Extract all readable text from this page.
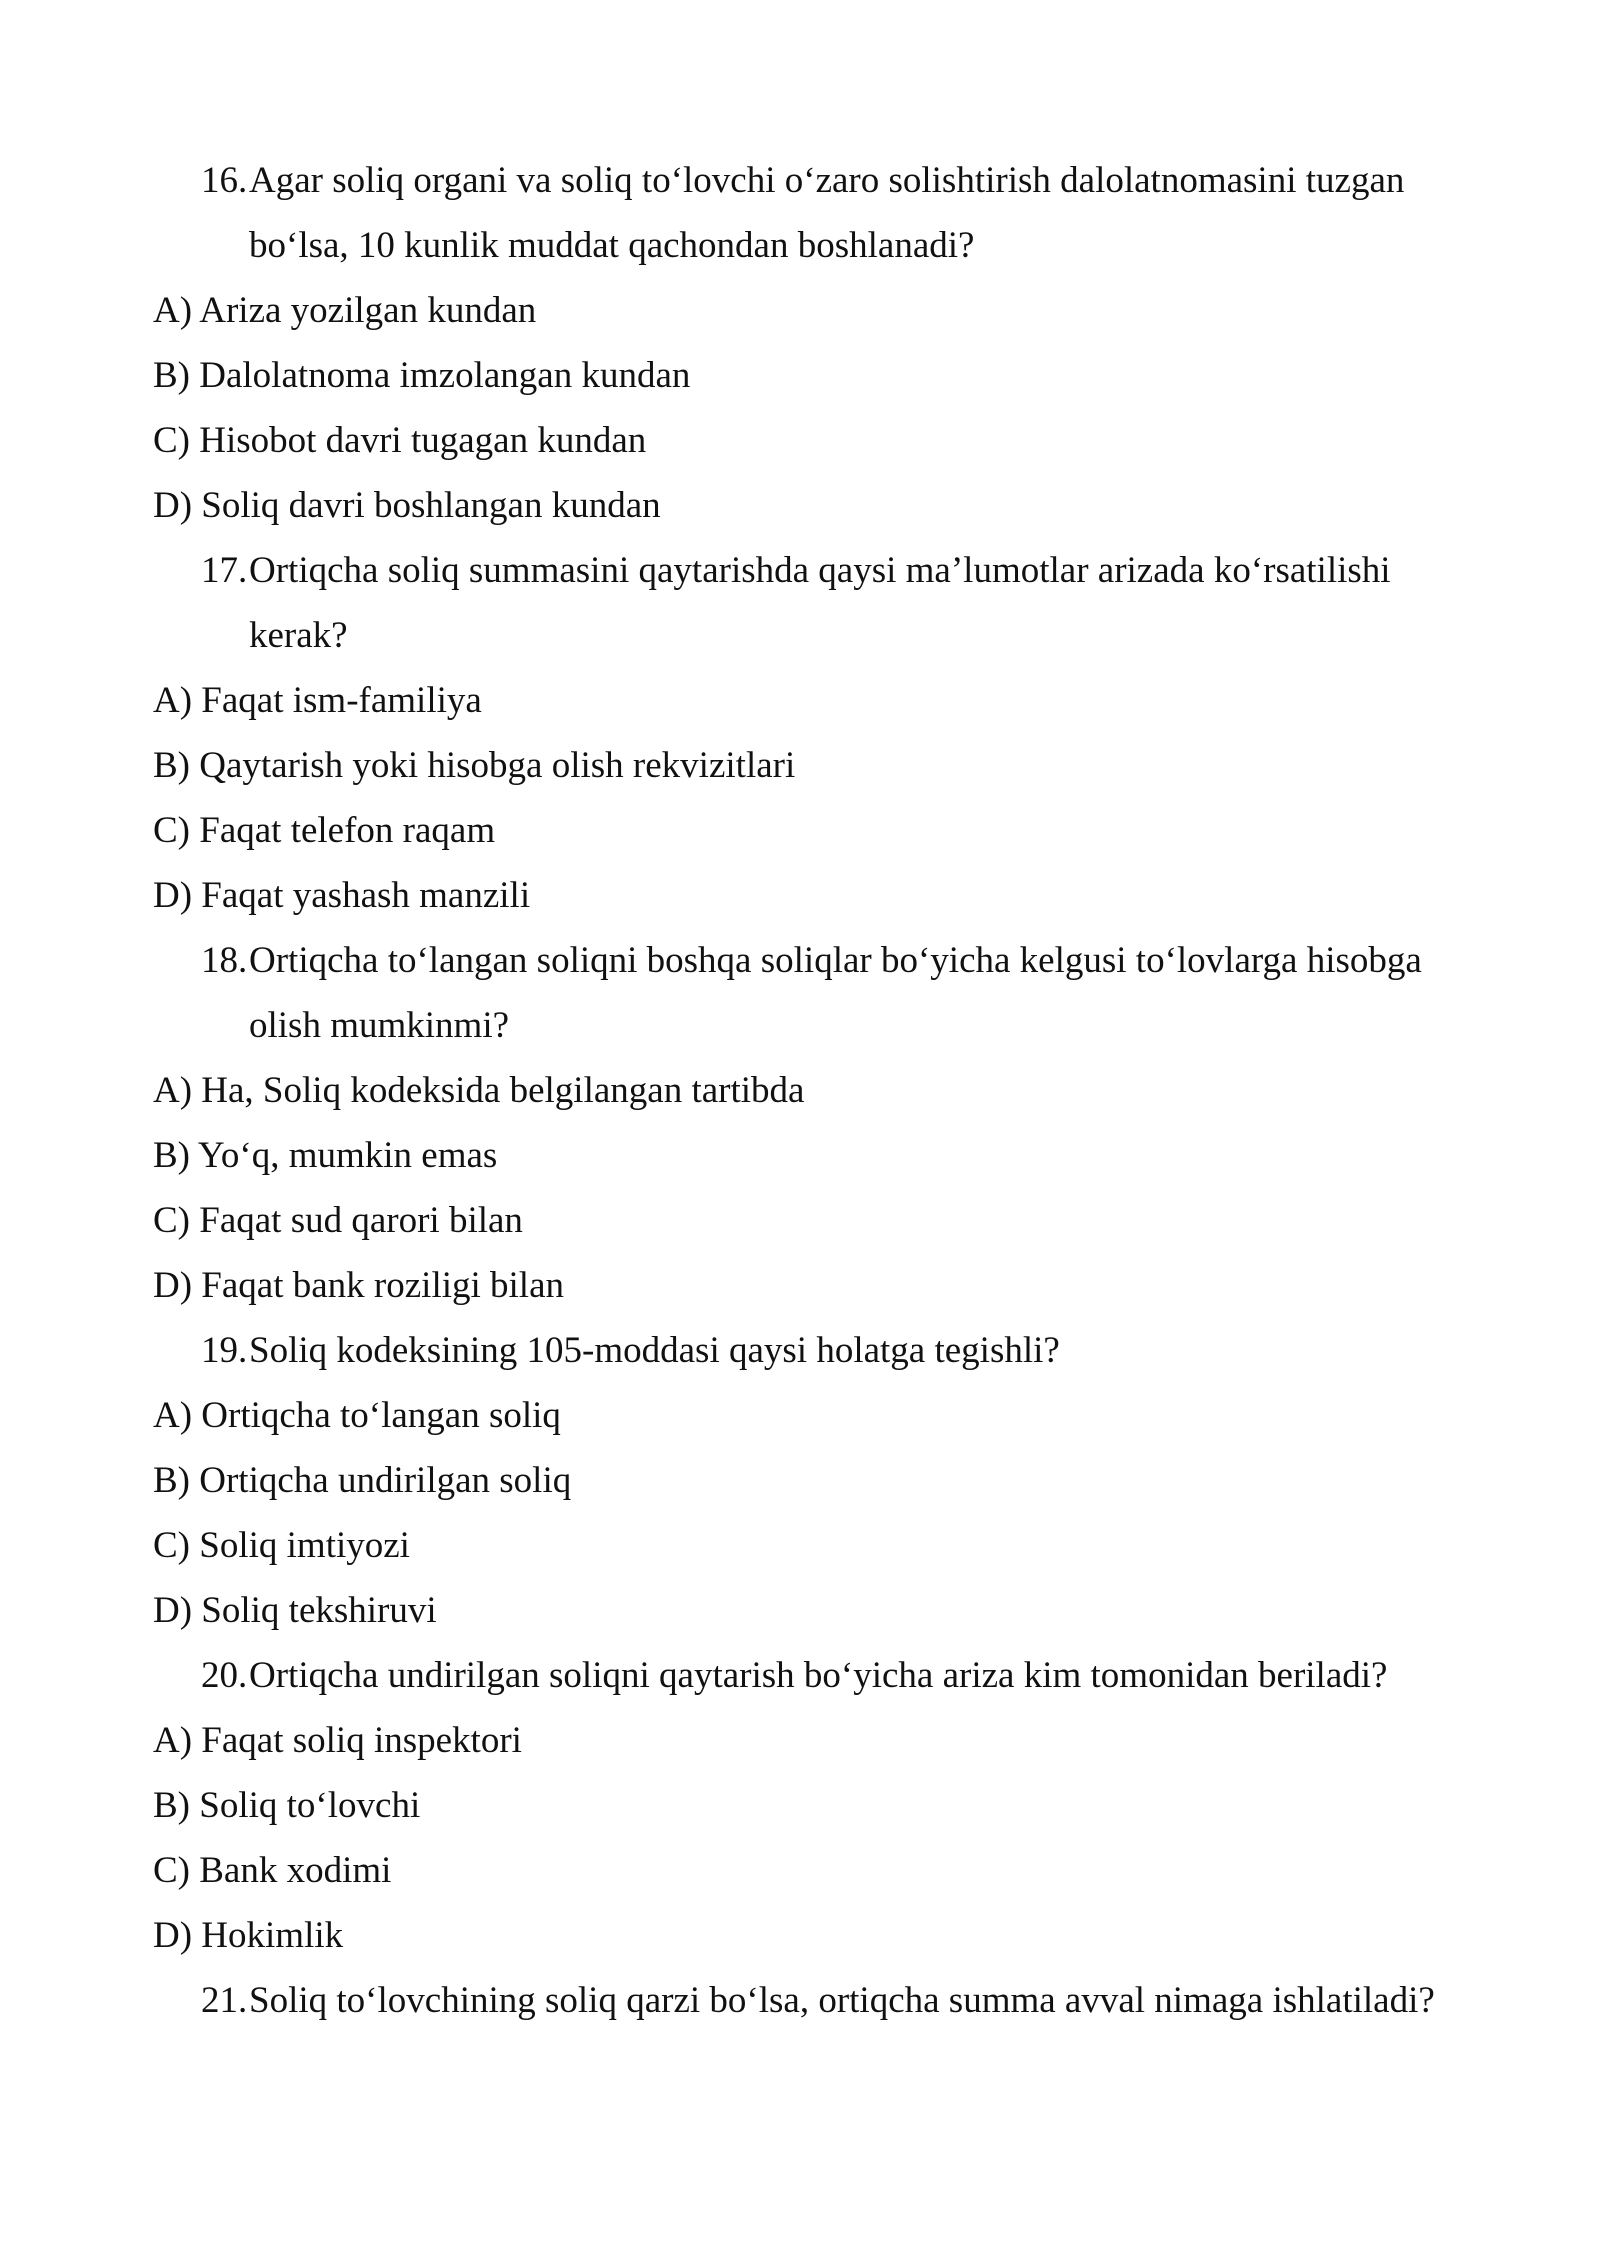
16. Agar soliq organi va soliq to‘lovchi o‘zaro solishtirish dalolatnomasini tuzgan
bo‘lsa, 10 kunlik muddat qachondan boshlanadi?
A) Ariza yozilgan kundan
B) Dalolatnoma imzolangan kundan
C) Hisobot davri tugagan kundan
D) Soliq davri boshlangan kundan
17. Ortiqcha soliq summasini qaytarishda qaysi ma’lumotlar arizada ko‘rsatilishi
kerak?
A) Faqat ism-familiya
B) Qaytarish yoki hisobga olish rekvizitlari
C) Faqat telefon raqam
D) Faqat yashash manzili
18. Ortiqcha to‘langan soliqni boshqa soliqlar bo‘yicha kelgusi to‘lovlarga hisobga
olish mumkinmi?
A) Ha, Soliq kodeksida belgilangan tartibda
B) Yo‘q, mumkin emas
C) Faqat sud qarori bilan
D) Faqat bank roziligi bilan
19. Soliq kodeksining 105-moddasi qaysi holatga tegishli?
A) Ortiqcha to‘langan soliq
B) Ortiqcha undirilgan soliq
C) Soliq imtiyozi
D) Soliq tekshiruvi
20. Ortiqcha undirilgan soliqni qaytarish bo‘yicha ariza kim tomonidan beriladi?
A) Faqat soliq inspektori
B) Soliq to‘lovchi
C) Bank xodimi
D) Hokimlik
21. Soliq to‘lovchining soliq qarzi bo‘lsa, ortiqcha summa avval nimaga ishlatiladi?
